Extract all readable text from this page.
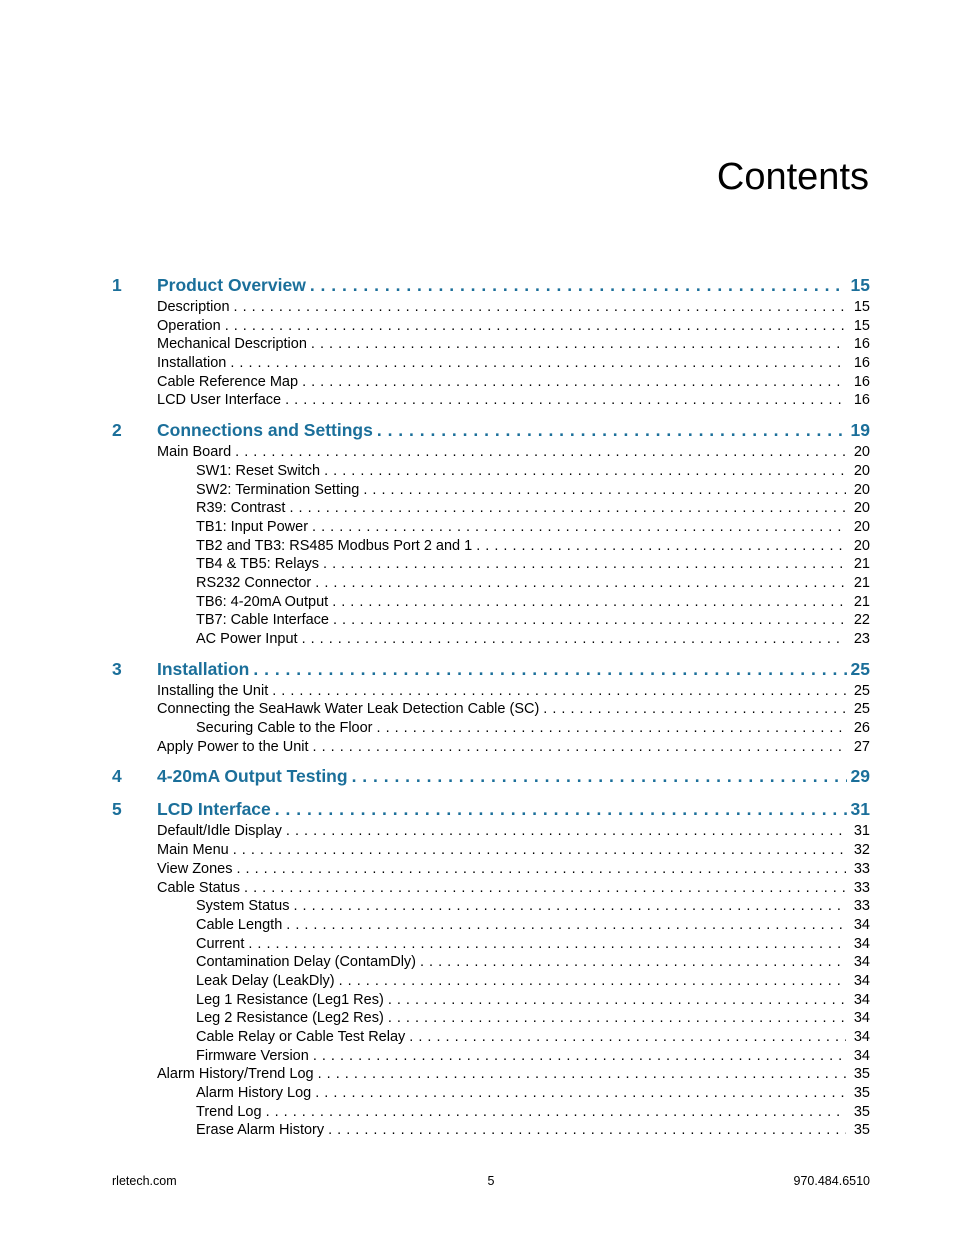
Contents
1	Product Overview . . .	15
Description . . .	15
Operation . . .	15
Mechanical Description . . .	16
Installation . . .	16
Cable Reference Map . . .	16
LCD User Interface . . .	16
2	Connections and Settings . . .	19
Main Board . . .	20
SW1: Reset Switch . . .	20
SW2: Termination Setting . . .	20
R39: Contrast . . .	20
TB1: Input Power . . .	20
TB2 and TB3: RS485 Modbus Port 2 and 1 . . .	20
TB4 & TB5: Relays . . .	21
RS232 Connector . . .	21
TB6: 4-20mA Output . . .	21
TB7: Cable Interface . . .	22
AC Power Input . . .	23
3	Installation . . .	25
Installing the Unit . . .	25
Connecting the SeaHawk Water Leak Detection Cable (SC) . . .	25
Securing Cable to the Floor . . .	26
Apply Power to the Unit . . .	27
4	4-20mA Output Testing . . .	29
5	LCD Interface . . .	31
Default/Idle Display . . .	31
Main Menu . . .	32
View Zones . . .	33
Cable Status . . .	33
System Status . . .	33
Cable Length . . .	34
Current . . .	34
Contamination Delay (ContamDly) . . .	34
Leak Delay (LeakDly) . . .	34
Leg 1 Resistance (Leg1 Res) . . .	34
Leg 2 Resistance (Leg2 Res) . . .	34
Cable Relay or Cable Test Relay . . .	34
Firmware Version . . .	34
Alarm History/Trend Log . . .	35
Alarm History Log . . .	35
Trend Log . . .	35
Erase Alarm History . . .	35
rletech.com	5	970.484.6510
